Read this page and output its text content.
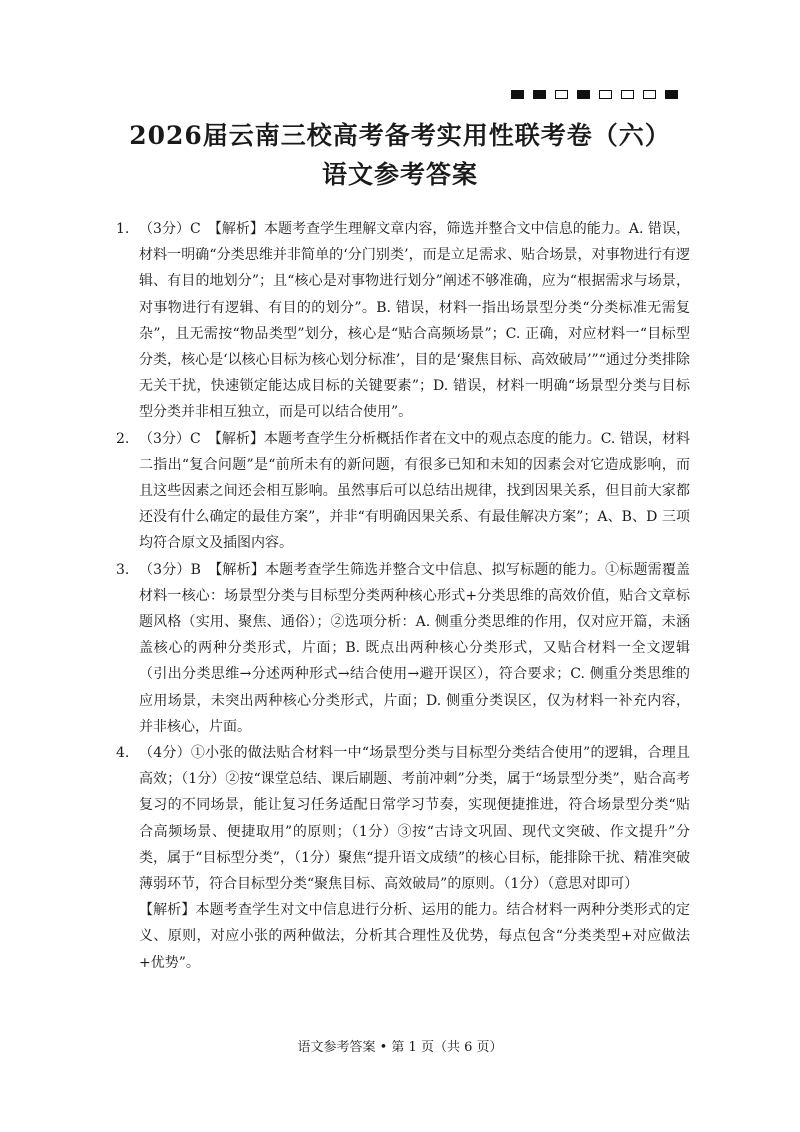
2026届云南三校高考备考实用性联考卷（六）
语文参考答案
1. （3分）C　【解析】本题考查学生理解文章内容，筛选并整合文中信息的能力。A. 错误，材料一明确“分类思维并非简单的‘分门别类’，而是立足需求、贴合场景，对事物进行有逻辑、有目的地划分”；且“核心是对事物进行划分”阐述不够准确，应为“根据需求与场景，对事物进行有逻辑、有目的的划分”。B. 错误，材料一指出场景型分类“分类标准无需复杂”，且无需按“物品类型”划分，核心是“贴合高频场景”；C. 正确，对应材料一“目标型分类，核心是‘以核心目标为核心划分标准’，目的是‘聚焦目标、高效破局’”“通过分类排除无关干扰，快速锁定能达成目标的关键要素”；D. 错误，材料一明确“场景型分类与目标型分类并非相互独立，而是可以结合使用”。
2. （3分）C　【解析】本题考查学生分析概括作者在文中的观点态度的能力。C. 错误，材料二指出“复合问题”是“前所未有的新问题，有很多已知和未知的因素会对它造成影响，而且这些因素之间还会相互影响。虽然事后可以总结出规律，找到因果关系，但目前大家都还没有什么确定的最佳方案”，并非“有明确因果关系、有最佳解决方案”；A、B、D 三项均符合原文及插图内容。
3. （3分）B　【解析】本题考查学生筛选并整合文中信息、拟写标题的能力。①标题需覆盖材料一核心：场景型分类与目标型分类两种核心形式+分类思维的高效价值，贴合文章标题风格（实用、聚焦、通俗）；②选项分析：A. 侧重分类思维的作用，仅对应开篇，未涵盖核心的两种分类形式，片面；B. 既点出两种核心分类形式，又贴合材料一全文逻辑（引出分类思维→分述两种形式→结合使用→避开误区），符合要求；C. 侧重分类思维的应用场景，未突出两种核心分类形式，片面；D. 侧重分类误区，仅为材料一补充内容，并非核心，片面。
4. （4分）①小张的做法贴合材料一中“场景型分类与目标型分类结合使用”的逻辑，合理且高效；（1分）②按“课堂总结、课后刷题、考前冲刺”分类，属于“场景型分类”，贴合高考复习的不同场景，能让复习任务适配日常学习节奏，实现便捷推进，符合场景型分类“贴合高频场景、便捷取用”的原则；（1分）③按“古诗文巩固、现代文突破、作文提升”分类，属于“目标型分类”，（1分）聚焦“提升语文成绩”的核心目标，能排除干扰、精准突破薄弱环节，符合目标型分类“聚焦目标、高效破局”的原则。（1分）（意思对即可）
【解析】本题考查学生对文中信息进行分析、运用的能力。结合材料一两种分类形式的定义、原则，对应小张的两种做法，分析其合理性及优势，每点包含“分类类型+对应做法+优势”。
语文参考答案 • 第 1 页（共 6 页）
